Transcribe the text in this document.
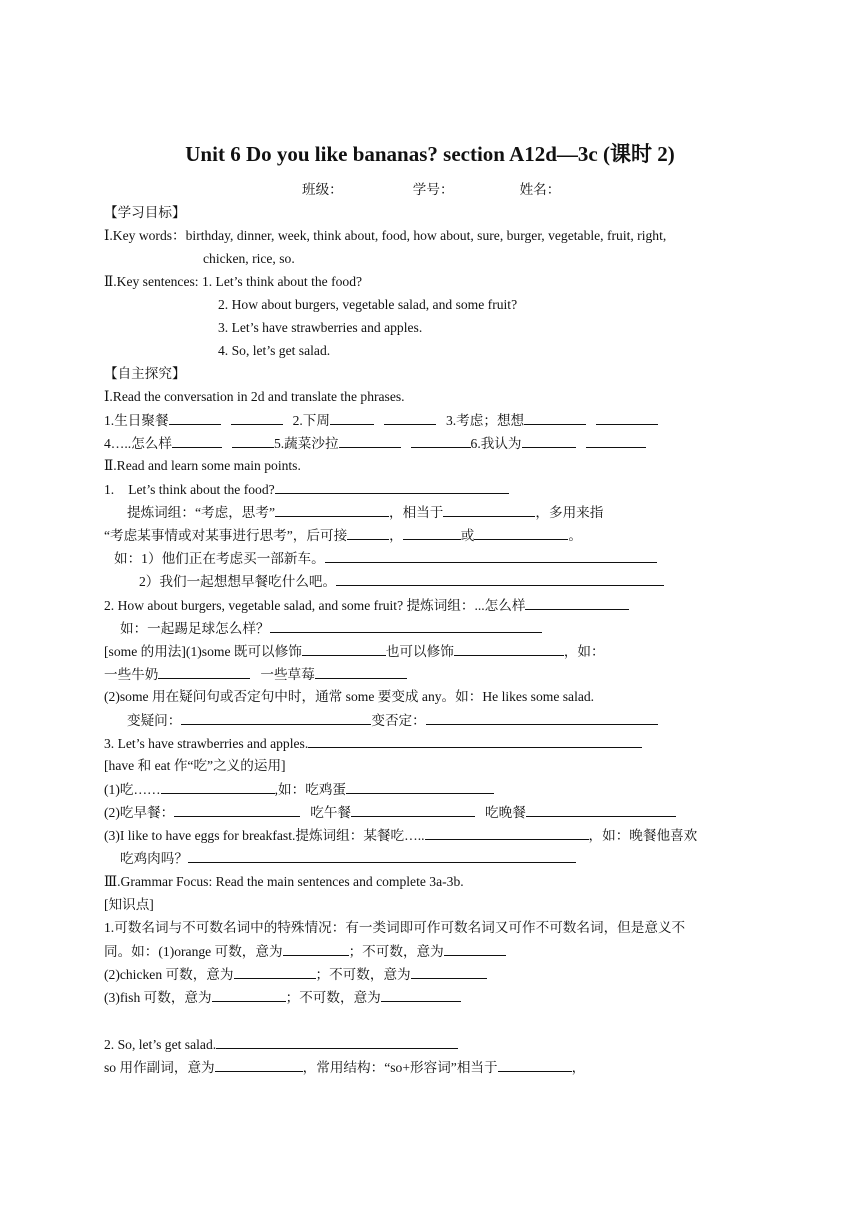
Unit 6 Do you like bananas? section A12d—3c (课时 2)
班级：	学号：	姓名：
【学习目标】
Ⅰ.Key words：birthday, dinner, week, think about, food, how about, sure, burger, vegetable, fruit, right,
chicken, rice, so.
Ⅱ.Key sentences: 1. Let’s think about the food?
2. How about burgers, vegetable salad, and some fruit?
3. Let’s have strawberries and apples.
4. So, let’s get salad.
【自主探究】
Ⅰ.Read the conversation in 2d and translate the phrases.
1.生日聚餐	2.下周	3.考虑；想想
4…..怎么样	5.蔬菜沙拉	6.我认为
Ⅱ.Read and learn some main points.
1. Let’s think about the food?
提炼词组：“考虑，思考”	，相当于	，多用来指
“考虑某事情或对某事进行思考”，后可接	，	或	。
如：1）他们正在考虑买一部新车。
2）我们一起想想早餐吃什么吧。
2. How about burgers, vegetable salad, and some fruit? 提炼词组：...怎么样
如：一起踢足球怎么样？
[some 的用法](1)some 既可以修饰	也可以修饰	，如：
一些牛奶	一些草莓
(2)some 用在疑问句或否定句中时，通常 some 要变成 any。如：He likes some salad.
变疑问：	变否定：
3. Let’s have strawberries and apples.
[have 和 eat 作“吃”之义的运用]
(1)吃……	,如：吃鸡蛋
(2)吃早餐：	吃午餐	吃晚餐
(3)I like to have eggs for breakfast.提炼词组：某餐吃…..	，如：晚餐他喜欢
吃鸡肉吗？
Ⅲ.Grammar Focus: Read the main sentences and complete 3a-3b.
[知识点]
1.可数名词与不可数名词中的特殊情况：有一类词即可作可数名词又可作不可数名词，但是意义不
同。如：(1)orange 可数，意为	；不可数，意为
(2)chicken 可数，意为	；不可数，意为
(3)fish 可数，意为	；不可数，意为
2. So, let’s get salad.
so 用作副词，意为	，常用结构：“so+形容词”相当于	，
